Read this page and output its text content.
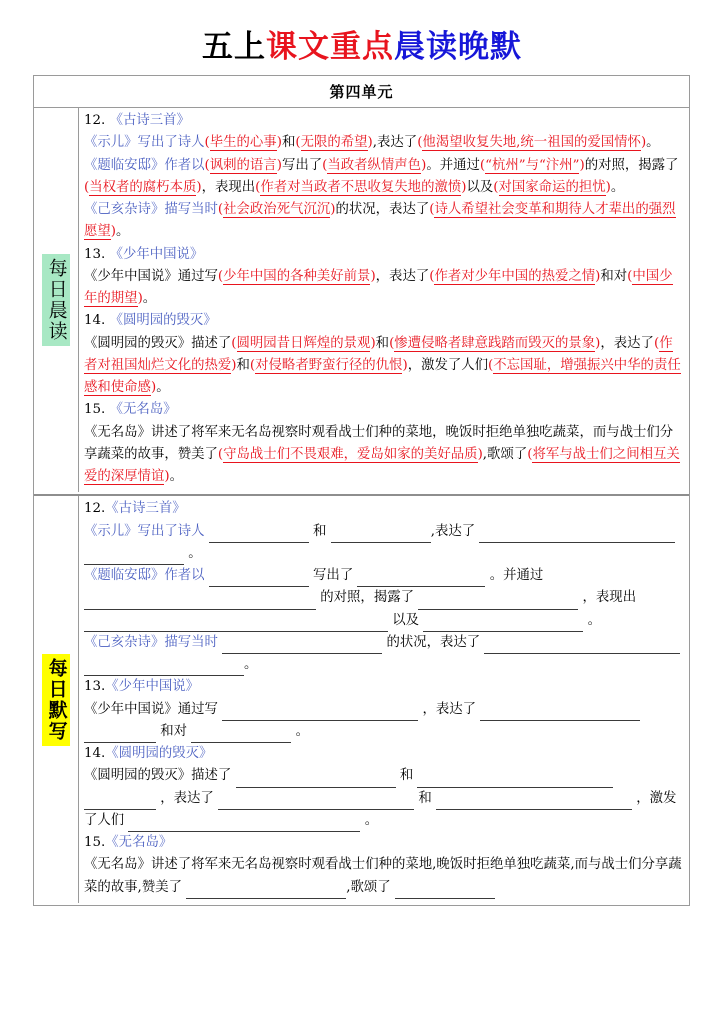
五上课文重点晨读晚默
第四单元
每日晨读
12. 《古诗三首》
《示儿》写出了诗人(毕生的心事)和(无限的希望),表达了(他渴望收复失地,统一祖国的爱国情怀)。
《题临安邸》作者以(讽刺的语言)写出了(当政者纵情声色)。并通过(“杭州”与“汴州”)的对照，揭露了(当权者的腐朽本质)，表现出(作者对当政者不思收复失地的激愤)以及(对国家命运的担忧)。
《己亥杂诗》描写当时(社会政治死气沉沉)的状况，表达了(诗人希望社会变革和期待人才辈出的强烈愿望)。
13. 《少年中国说》
《少年中国说》通过写(少年中国的各种美好前景)，表达了(作者对少年中国的热爱之情)和对(中国少年的期望)。
14. 《圆明园的毁灭》
《圆明园的毁灭》描述了(圆明园昔日辉煌的景观)和(惨遭侵略者肆意践踏而毁灭的景象)，表达了(作者对祖国灿烂文化的热爱)和(对侵略者野蛮行径的仇恨)，激发了人们(不忘国耻，增强振兴中华的责任感和使命感)。
15. 《无名岛》
《无名岛》讲述了将军来无名岛视察时观看战士们种的菜地，晚饭时拒绝单独吃蔬菜，而与战士们分享蔬菜的故事，赞美了(守岛战士们不畏艰难，爱岛如家的美好品质),歌颂了(将军与战士们之间相互关爱的深厚情谊)。
每日默写
12.《古诗三首》
《示儿》写出了诗人	和	,表达了  。
《题临安邸》作者以	写出了	。并通过  的对照，揭露了	，表现出  以及	。
《己亥杂诗》描写当时	的状况，表达了 。
13.《少年中国说》
《少年中国说》通过写	，表达了  和对	。
14.《圆明园的毁灭》
《圆明园的毁灭》描述了	和  ，表达了	和	，激发了人们	。
15.《无名岛》
《无名岛》讲述了将军来无名岛视察时观看战士们种的菜地,晚饭时拒绝单独吃蔬菜,而与战士们分享蔬菜的故事,赞美了	,歌颂了
